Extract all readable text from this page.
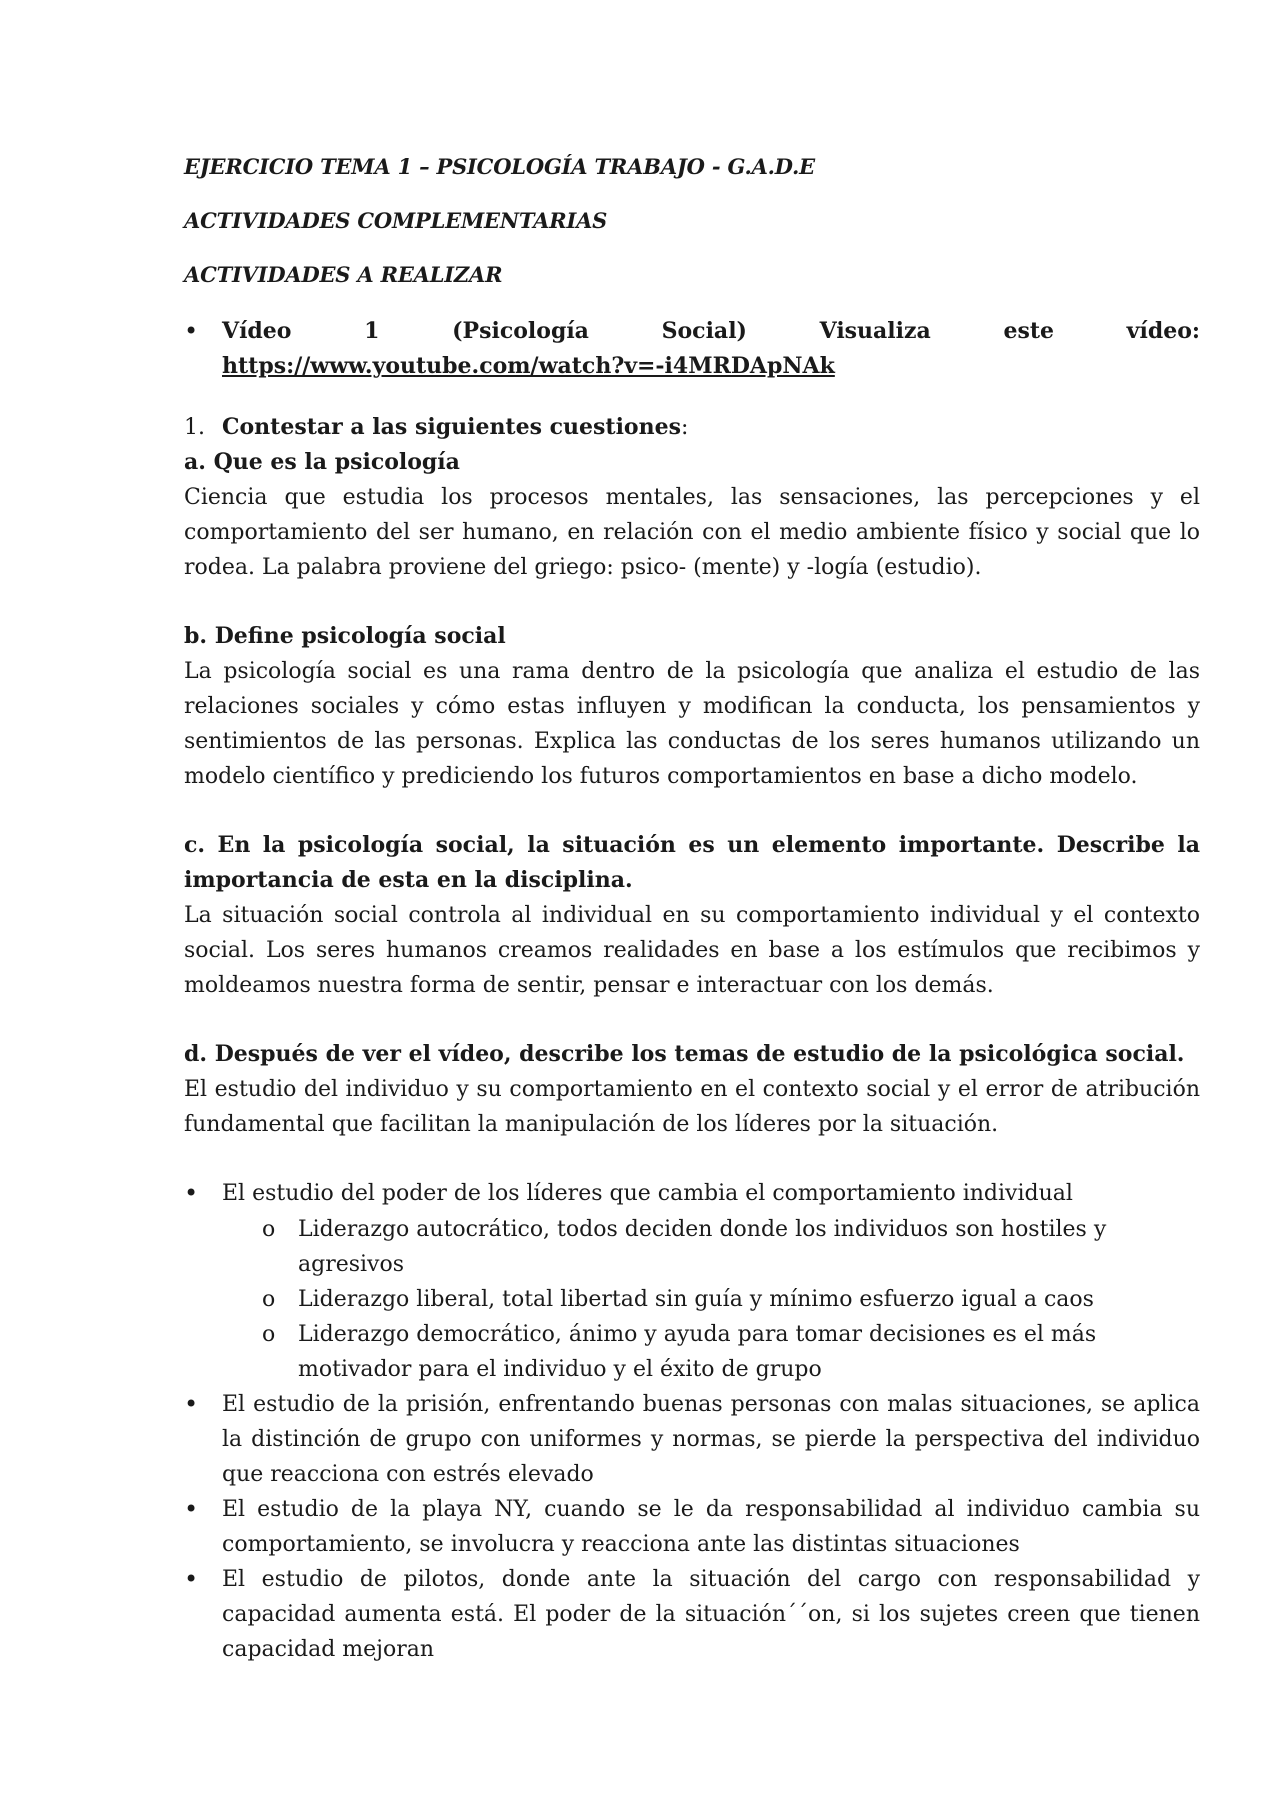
EJERCICIO TEMA 1 – PSICOLOGÍA TRABAJO - G.A.D.E

ACTIVIDADES COMPLEMENTARIAS

ACTIVIDADES A REALIZAR

•
Vídeo 1 (Psicología Social) Visualiza este vídeo: https://www.youtube.com/watch?v=-i4MRDApNAk
1. Contestar a las siguientes cuestiones:

a. Que es la psicología

Ciencia que estudia los procesos mentales, las sensaciones, las percepciones y el comportamiento del ser humano, en relación con el medio ambiente físico y social que lo rodea. La palabra proviene del griego: psico- (mente) y -logía (estudio).

b. Define psicología social

La psicología social es una rama dentro de la psicología que analiza el estudio de las relaciones sociales y cómo estas influyen y modifican la conducta, los pensamientos y sentimientos de las personas. Explica las conductas de los seres humanos utilizando un modelo científico y prediciendo los futuros comportamientos en base a dicho modelo.

c. En la psicología social, la situación es un elemento importante. Describe la importancia de esta en la disciplina.

La situación social controla al individual en su comportamiento individual y el contexto social. Los seres humanos creamos realidades en base a los estímulos que recibimos y moldeamos nuestra forma de sentir, pensar e interactuar con los demás.

d. Después de ver el vídeo, describe los temas de estudio de la psicológica social.

El estudio del individuo y su comportamiento en el contexto social y el error de atribución fundamental que facilitan la manipulación de los líderes por la situación.

•
El estudio del poder de los líderes que cambia el comportamiento individual
o	Liderazgo autocrático, todos deciden donde los individuos son hostiles y agresivos
o	Liderazgo liberal, total libertad sin guía y mínimo esfuerzo igual a caos
o	Liderazgo democrático, ánimo y ayuda para tomar decisiones es el más motivador para el individuo y el éxito de grupo
•
El estudio de la prisión, enfrentando buenas personas con malas situaciones, se aplica la distinción de grupo con uniformes y normas, se pierde la perspectiva del individuo que reacciona con estrés elevado
•
El estudio de la playa NY, cuando se le da responsabilidad al individuo cambia su comportamiento, se involucra y reacciona ante las distintas situaciones
•
El estudio de pilotos, donde ante la situación del cargo con responsabilidad y capacidad aumenta está. El poder de la situación´´on, si los sujetes creen que tienen capacidad mejoran
